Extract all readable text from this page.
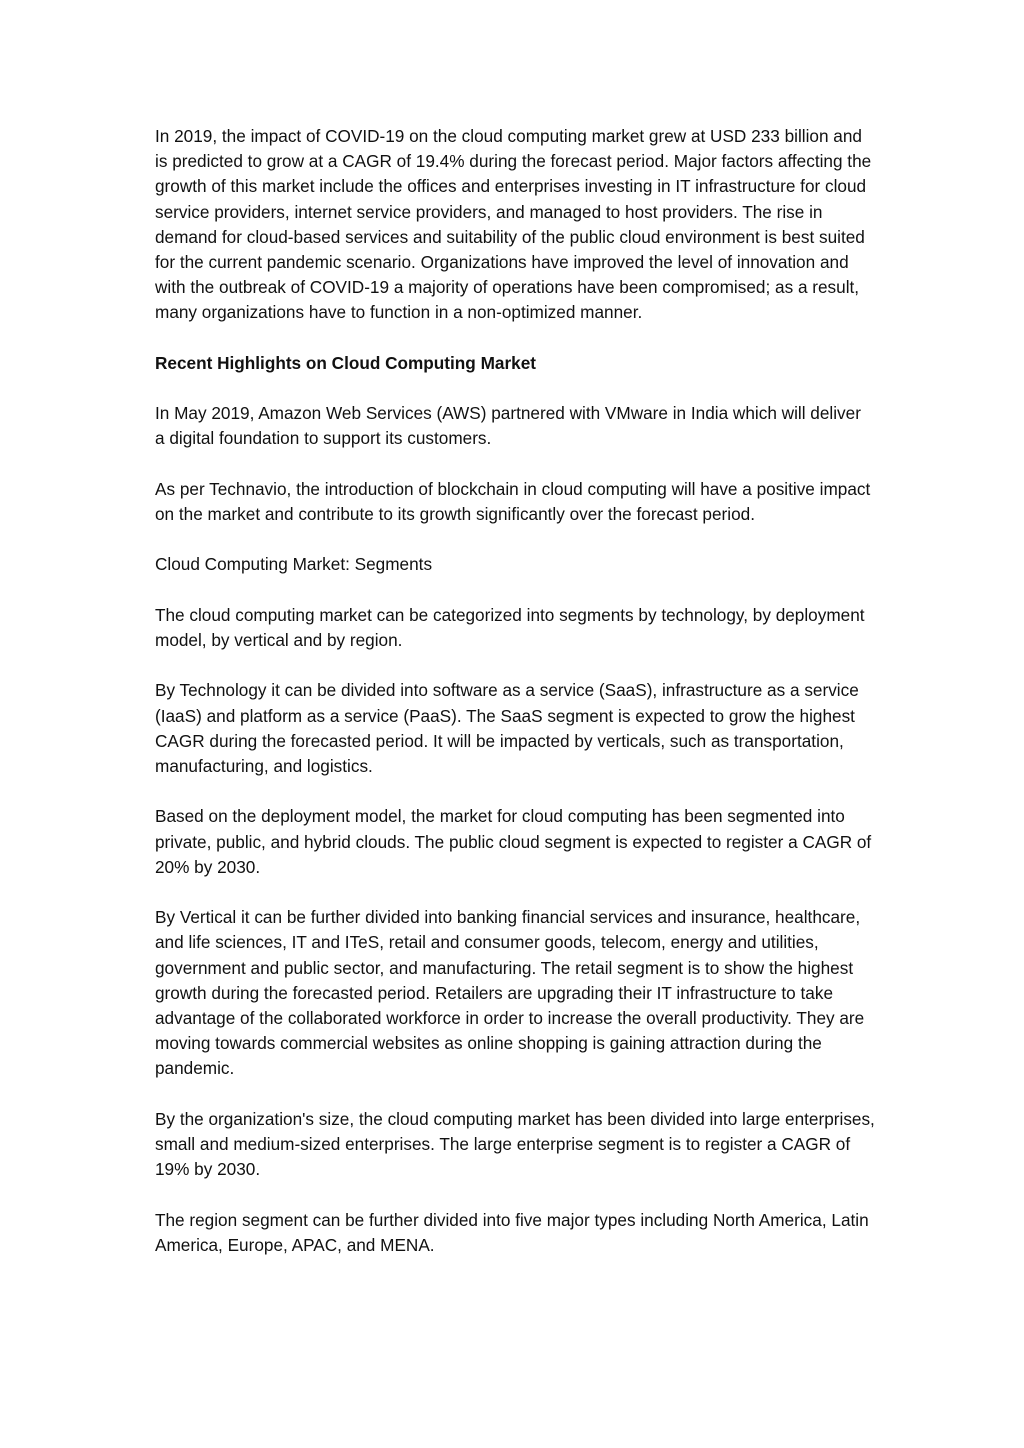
In 2019, the impact of COVID-19 on the cloud computing market grew at USD 233 billion and is predicted to grow at a CAGR of 19.4% during the forecast period. Major factors affecting the growth of this market include the offices and enterprises investing in IT infrastructure for cloud service providers, internet service providers, and managed to host providers. The rise in demand for cloud-based services and suitability of the public cloud environment is best suited for the current pandemic scenario. Organizations have improved the level of innovation and with the outbreak of COVID-19 a majority of operations have been compromised; as a result, many organizations have to function in a non-optimized manner.

Recent Highlights on Cloud Computing Market

In May 2019, Amazon Web Services (AWS) partnered with VMware in India which will deliver a digital foundation to support its customers.

As per Technavio, the introduction of blockchain in cloud computing will have a positive impact on the market and contribute to its growth significantly over the forecast period.

Cloud Computing Market: Segments

The cloud computing market can be categorized into segments by technology, by deployment model, by vertical and by region.

By Technology it can be divided into software as a service (SaaS), infrastructure as a service (IaaS) and platform as a service (PaaS). The SaaS segment is expected to grow the highest CAGR during the forecasted period. It will be impacted by verticals, such as transportation, manufacturing, and logistics.

Based on the deployment model, the market for cloud computing has been segmented into private, public, and hybrid clouds. The public cloud segment is expected to register a CAGR of 20% by 2030.

By Vertical it can be further divided into banking financial services and insurance, healthcare, and life sciences, IT and ITeS, retail and consumer goods, telecom, energy and utilities, government and public sector, and manufacturing. The retail segment is to show the highest growth during the forecasted period. Retailers are upgrading their IT infrastructure to take advantage of the collaborated workforce in order to increase the overall productivity. They are moving towards commercial websites as online shopping is gaining attraction during the pandemic.

By the organization's size, the cloud computing market has been divided into large enterprises, small and medium-sized enterprises. The large enterprise segment is to register a CAGR of 19% by 2030.

The region segment can be further divided into five major types including North America, Latin America, Europe, APAC, and MENA.
